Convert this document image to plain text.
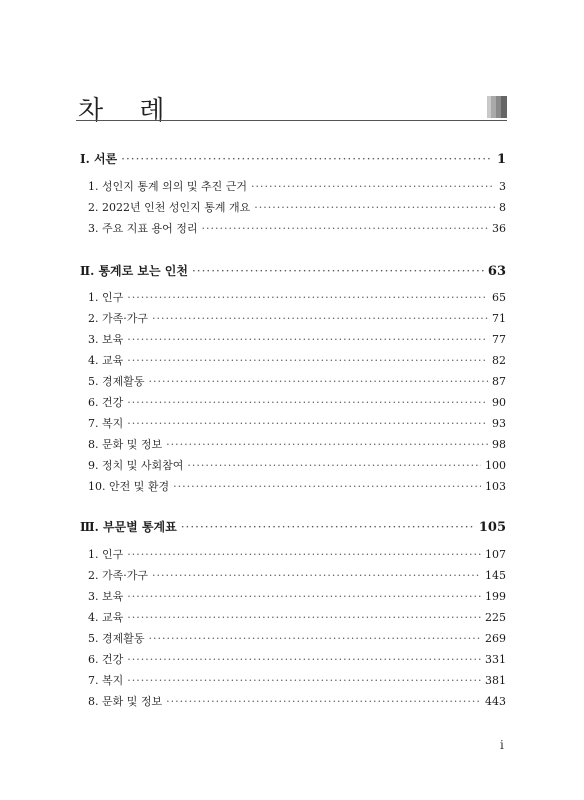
차 례
Ⅰ. 서론 ·····	1
1. 성인지 통계 의의 및 추진 근거 ·····	3
2. 2022년 인천 성인지 통계 개요 ·····	8
3. 주요 지표 용어 정리 ·····	36
Ⅱ. 통계로 보는 인천 ·····	63
1. 인구 ·····	65
2. 가족·가구 ·····	71
3. 보육 ·····	77
4. 교육 ·····	82
5. 경제활동 ·····	87
6. 건강 ·····	90
7. 복지 ·····	93
8. 문화 및 정보 ·····	98
9. 정치 및 사회참여 ·····	100
10. 안전 및 환경 ·····	103
Ⅲ. 부문별 통계표 ·····	105
1. 인구 ·····	107
2. 가족·가구 ·····	145
3. 보육 ·····	199
4. 교육 ·····	225
5. 경제활동 ·····	269
6. 건강 ·····	331
7. 복지 ·····	381
8. 문화 및 정보 ·····	443
i
